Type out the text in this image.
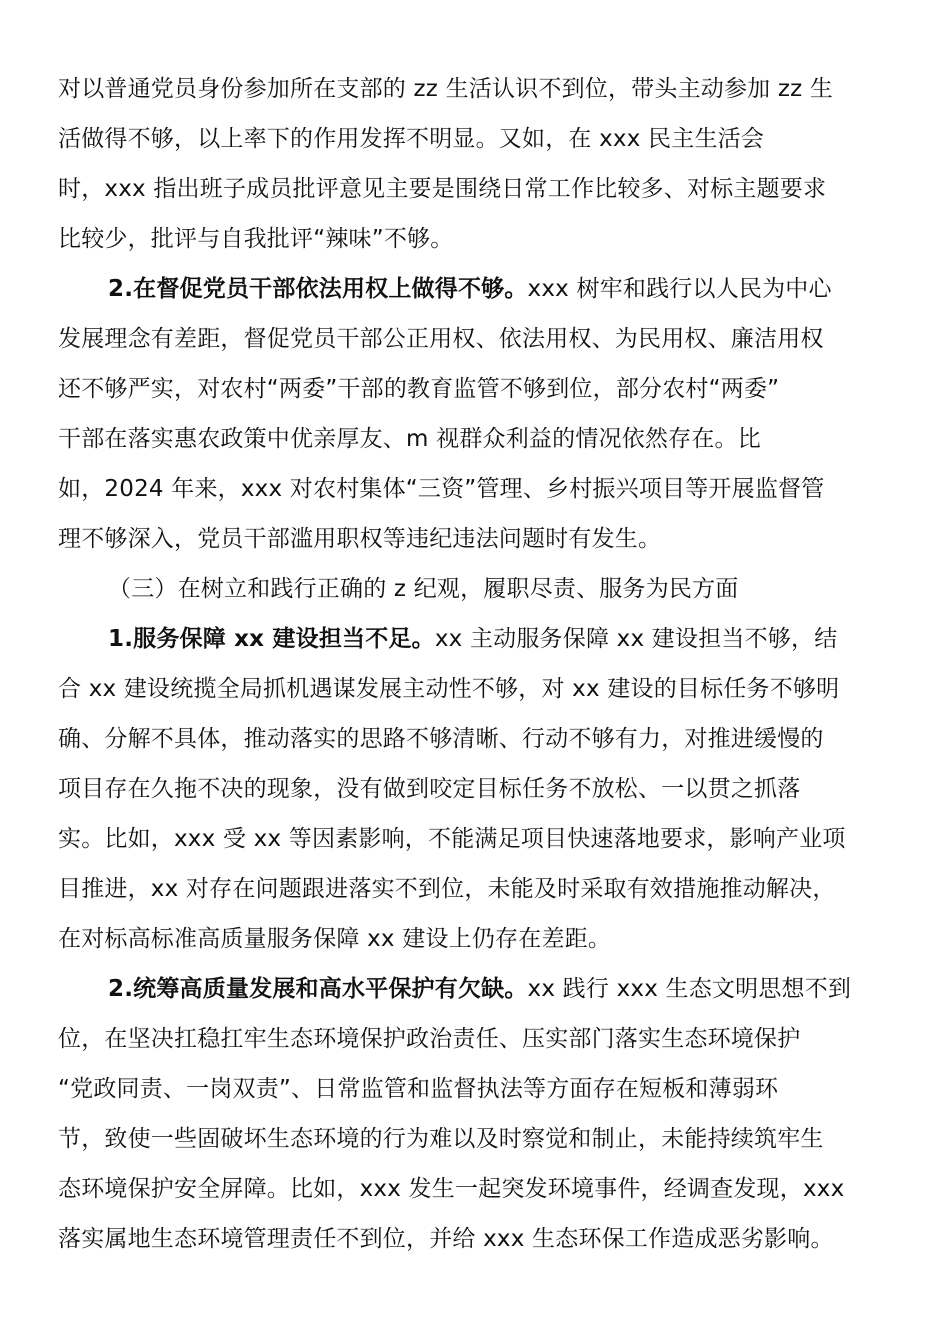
对以普通党员身份参加所在支部的 zz 生活认识不到位，带头主动参加 zz 生
活做得不够，以上率下的作用发挥不明显。又如，在 xxx 民主生活会
时，xxx 指出班子成员批评意见主要是围绕日常工作比较多、对标主题要求
比较少，批评与自我批评“辣味”不够。
2.在督促党员干部依法用权上做得不够。xxx 树牢和践行以人民为中心
发展理念有差距，督促党员干部公正用权、依法用权、为民用权、廉洁用权
还不够严实，对农村“两委”干部的教育监管不够到位，部分农村“两委”
干部在落实惠农政策中优亲厚友、m 视群众利益的情况依然存在。比
如，2024 年来，xxx 对农村集体“三资”管理、乡村振兴项目等开展监督管
理不够深入，党员干部滥用职权等违纪违法问题时有发生。
（三）在树立和践行正确的 z 纪观，履职尽责、服务为民方面
1.服务保障 xx 建设担当不足。xx 主动服务保障 xx 建设担当不够，结
合 xx 建设统揽全局抓机遇谋发展主动性不够，对 xx 建设的目标任务不够明
确、分解不具体，推动落实的思路不够清晰、行动不够有力，对推进缓慢的
项目存在久拖不决的现象，没有做到咬定目标任务不放松、一以贯之抓落
实。比如，xxx 受 xx 等因素影响，不能满足项目快速落地要求，影响产业项
目推进，xx 对存在问题跟进落实不到位，未能及时采取有效措施推动解决，
在对标高标准高质量服务保障 xx 建设上仍存在差距。
2.统筹高质量发展和高水平保护有欠缺。xx 践行 xxx 生态文明思想不到
位，在坚决扛稳扛牢生态环境保护政治责任、压实部门落实生态环境保护
“党政同责、一岗双责”、日常监管和监督执法等方面存在短板和薄弱环
节，致使一些固破坏生态环境的行为难以及时察觉和制止，未能持续筑牢生
态环境保护安全屏障。比如，xxx 发生一起突发环境事件，经调查发现，xxx
落实属地生态环境管理责任不到位，并给 xxx 生态环保工作造成恶劣影响。
